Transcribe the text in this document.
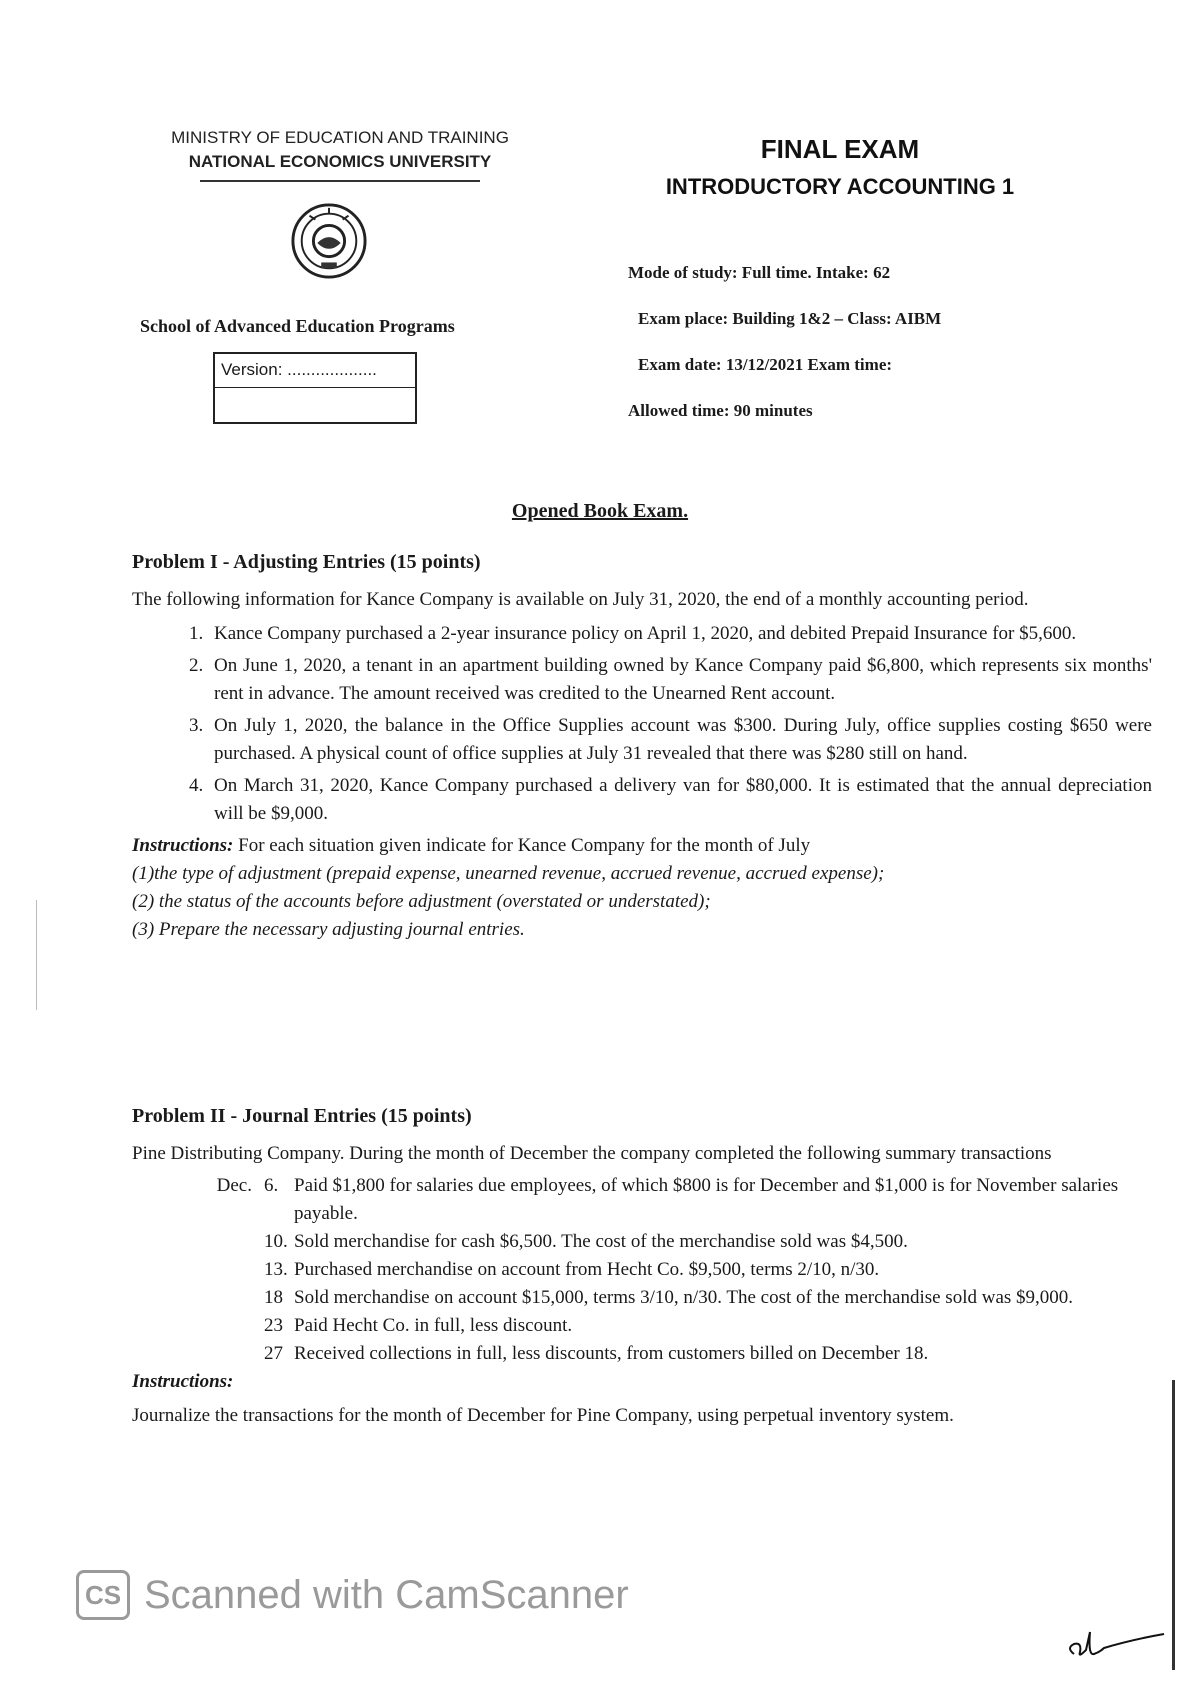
MINISTRY OF EDUCATION AND TRAINING
NATIONAL ECONOMICS UNIVERSITY
School of Advanced Education Programs
Version: ...................
FINAL EXAM
INTRODUCTORY ACCOUNTING 1
Mode of study: Full time. Intake: 62
Exam place: Building 1&2 – Class: AIBM
Exam date: 13/12/2021 Exam time:
Allowed time: 90 minutes
Opened Book Exam.
Problem I - Adjusting Entries (15 points)
The following information for Kance Company is available on July 31, 2020, the end of a monthly accounting period.
1. Kance Company purchased a 2-year insurance policy on April 1, 2020, and debited Prepaid Insurance for $5,600.
2. On June 1, 2020, a tenant in an apartment building owned by Kance Company paid $6,800, which represents six months' rent in advance. The amount received was credited to the Unearned Rent account.
3. On July 1, 2020, the balance in the Office Supplies account was $300. During July, office supplies costing $650 were purchased. A physical count of office supplies at July 31 revealed that there was $280 still on hand.
4. On March 31, 2020, Kance Company purchased a delivery van for $80,000. It is estimated that the annual depreciation will be $9,000.
Instructions: For each situation given indicate for Kance Company for the month of July
(1)the type of adjustment (prepaid expense, unearned revenue, accrued revenue, accrued expense);
(2) the status of the accounts before adjustment (overstated or understated);
(3) Prepare the necessary adjusting journal entries.
Problem II - Journal Entries (15 points)
Pine Distributing Company. During the month of December the company completed the following summary transactions
Dec. 6. Paid $1,800 for salaries due employees, of which $800 is for December and $1,000 is for November salaries payable.
10. Sold merchandise for cash $6,500. The cost of the merchandise sold was $4,500.
13. Purchased merchandise on account from Hecht Co. $9,500, terms 2/10, n/30.
18 Sold merchandise on account $15,000, terms 3/10, n/30. The cost of the merchandise sold was $9,000.
23 Paid Hecht Co. in full, less discount.
27 Received collections in full, less discounts, from customers billed on December 18.
Instructions:
Journalize the transactions for the month of December for Pine Company, using perpetual inventory system.
CS Scanned with CamScanner
